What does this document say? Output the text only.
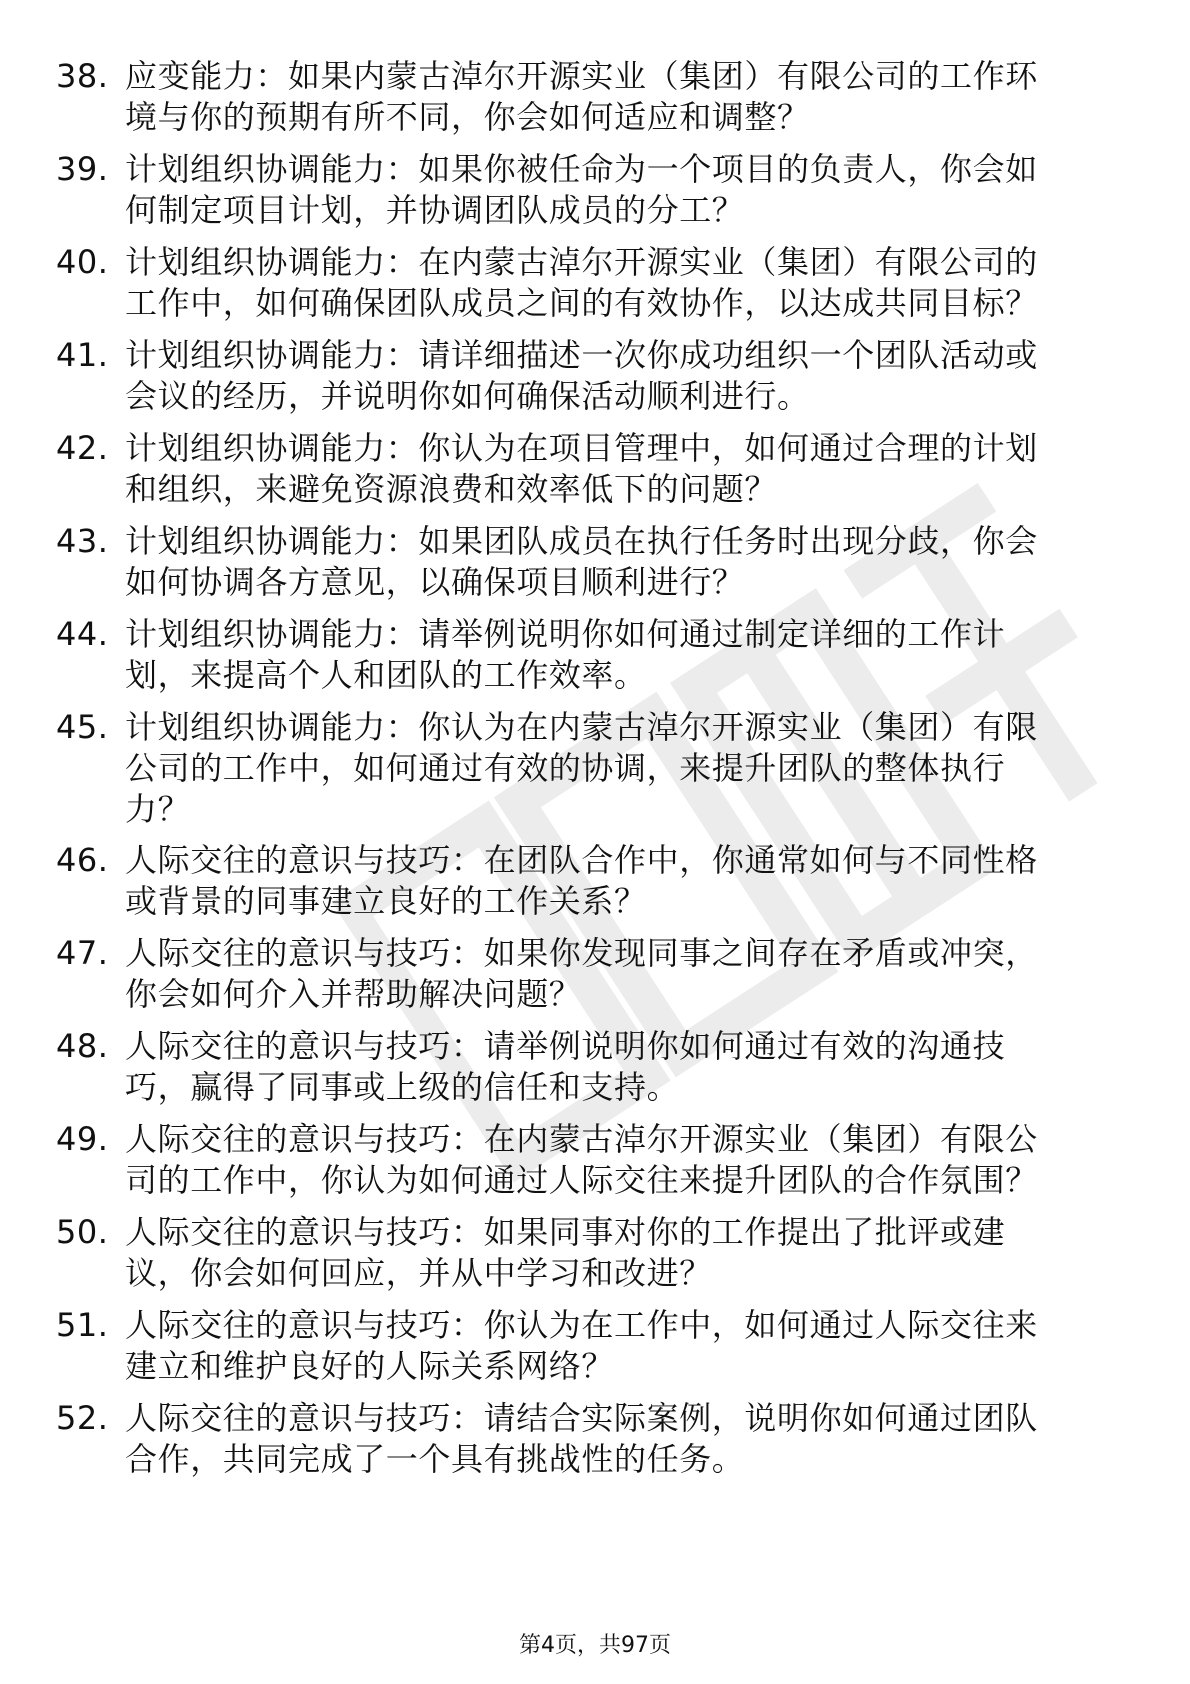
38. 应变能力：如果内蒙古淖尔开源实业（集团）有限公司的工作环
境与你的预期有所不同，你会如何适应和调整？
39. 计划组织协调能力：如果你被任命为一个项目的负责人，你会如
何制定项目计划，并协调团队成员的分工？
40. 计划组织协调能力：在内蒙古淖尔开源实业（集团）有限公司的
工作中，如何确保团队成员之间的有效协作，以达成共同目标？
41. 计划组织协调能力：请详细描述一次你成功组织一个团队活动或
会议的经历，并说明你如何确保活动顺利进行。
42. 计划组织协调能力：你认为在项目管理中，如何通过合理的计划
和组织，来避免资源浪费和效率低下的问题？
43. 计划组织协调能力：如果团队成员在执行任务时出现分歧，你会
如何协调各方意见，以确保项目顺利进行？
44. 计划组织协调能力：请举例说明你如何通过制定详细的工作计
划，来提高个人和团队的工作效率。
45. 计划组织协调能力：你认为在内蒙古淖尔开源实业（集团）有限
公司的工作中，如何通过有效的协调，来提升团队的整体执行
力？
46. 人际交往的意识与技巧：在团队合作中，你通常如何与不同性格
或背景的同事建立良好的工作关系？
47. 人际交往的意识与技巧：如果你发现同事之间存在矛盾或冲突，
你会如何介入并帮助解决问题？
48. 人际交往的意识与技巧：请举例说明你如何通过有效的沟通技
巧，赢得了同事或上级的信任和支持。
49. 人际交往的意识与技巧：在内蒙古淖尔开源实业（集团）有限公
司的工作中，你认为如何通过人际交往来提升团队的合作氛围？
50. 人际交往的意识与技巧：如果同事对你的工作提出了批评或建
议，你会如何回应，并从中学习和改进？
51. 人际交往的意识与技巧：你认为在工作中，如何通过人际交往来
建立和维护良好的人际关系网络？
52. 人际交往的意识与技巧：请结合实际案例，说明你如何通过团队
合作，共同完成了一个具有挑战性的任务。
第4页，共97页
